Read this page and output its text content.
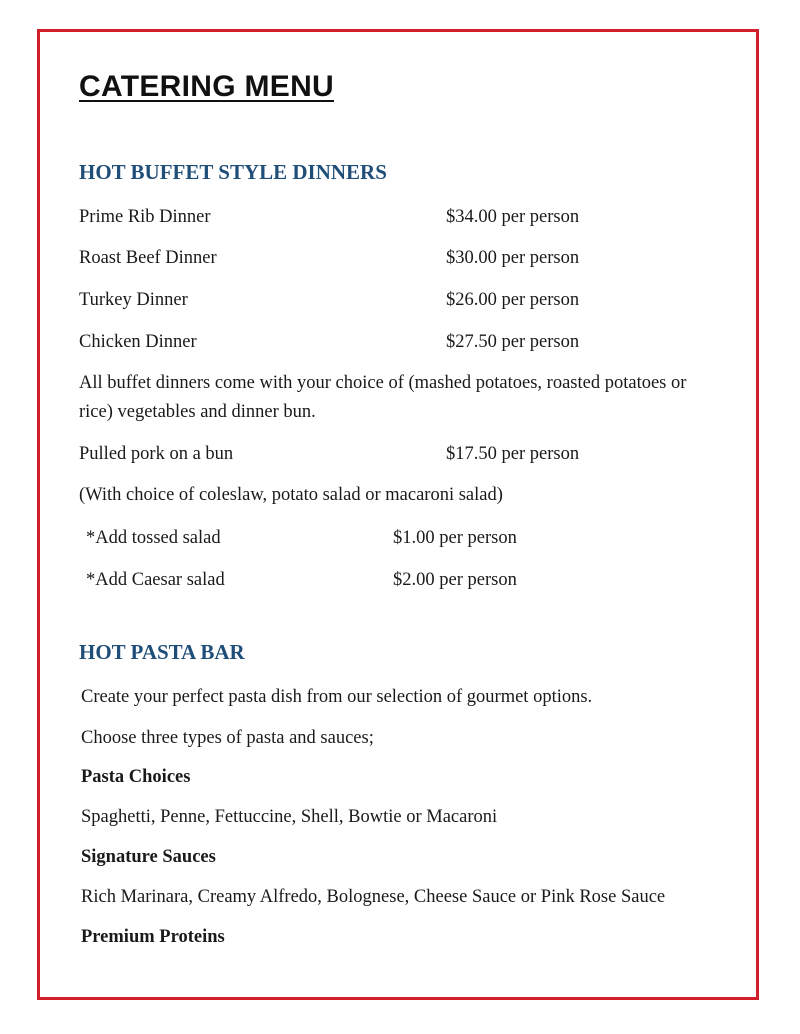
CATERING MENU
HOT BUFFET STYLE DINNERS
Prime Rib Dinner	$34.00 per person
Roast Beef Dinner	$30.00 per person
Turkey Dinner	$26.00 per person
Chicken Dinner	$27.50 per person
All buffet dinners come with your choice of (mashed potatoes, roasted potatoes or
rice) vegetables and dinner bun.
Pulled pork on a bun	$17.50 per person
(With choice of coleslaw, potato salad or macaroni salad)
*Add tossed salad	$1.00 per person
*Add Caesar salad	$2.00 per person
HOT PASTA BAR
Create your perfect pasta dish from our selection of gourmet options.
Choose three types of pasta and sauces;
Pasta Choices
Spaghetti, Penne, Fettuccine, Shell, Bowtie or Macaroni
Signature Sauces
Rich Marinara, Creamy Alfredo, Bolognese, Cheese Sauce or Pink Rose Sauce
Premium Proteins
